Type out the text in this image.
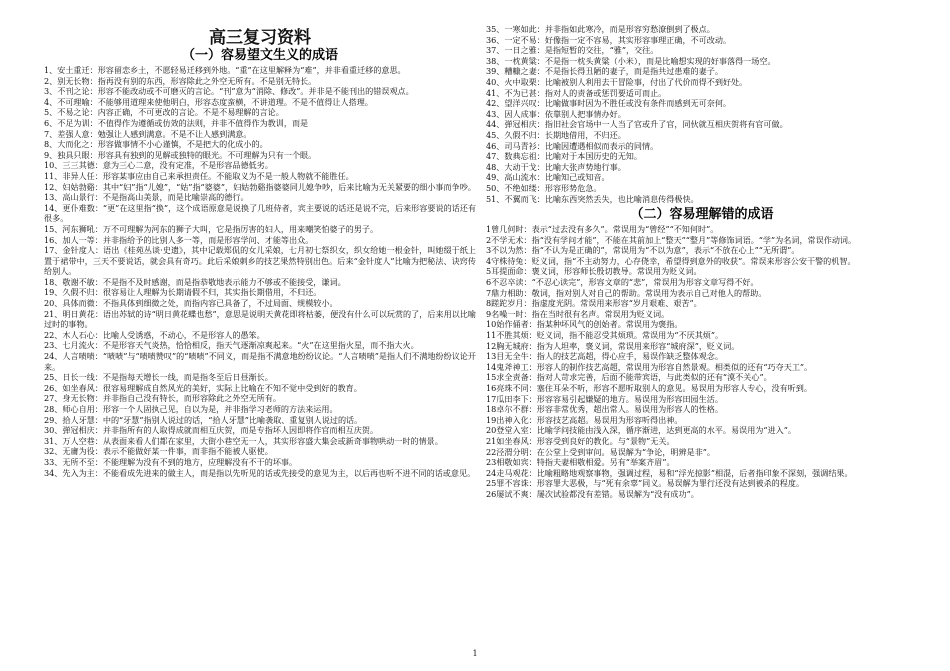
高三复习资料
（一）容易望文生义的成语
1、安土重迁：形容留恋乡土，不愿轻易迁移到外地。“重”在这里解释为“难”，并非看重迁移的意思。
2、别无长物：指再没有别的东西，形容除此之外空无所有。不是别无特长。
3、不刊之论：形容不能改动或不可磨灭的言论。“刊”意为“消除、修改”。并非是不能刊出的错误观点。
4、不可理喻：不能够用道理来使他明白，形容态度蛮横，不讲道理。不是不值得让人搭理。
5、不易之论：内容正确，不可更改的言论。不是不易理解的言论。
6、不足为训：不值得作为遵循或仿效的法则，并非不值得作为教训，而是
7、差强人意：勉强让人感到满意。不是不让人感到满意。
8、大而化之：形容做事情不小心谨慎，不是把大的化成小的。
9、独具只眼：形容具有独到的见解或独特的眼光。不可理解为只有一个眼。
10、三三其德：意为三心二意，没有定准，不是形容品德低劣。
11、非异人任：形容某事应由自己来承担责任。不能取义为不是一般人物就不能胜任。
12、妇姑勃谿：其中“妇”指“儿媳”，“姑”指“婆婆”，妇姑勃谿指婆婆同儿媳争吵，后来比喻为无关紧要的细小事而争吵。
13、高山景行：不是指高山美景，而是比喻崇高的德行。
14、更仆难数：“更”在这里指“换”，这个成语原意是说换了几班侍者，宾主要说的话还是说不完，后来形容要说的话还有很多。
15、河东狮吼：万不可理解为河东的狮子大叫，它是指厉害的妇人，用来嘲笑怕婆子的男子。
16、加人一等：并非指给予的比别人多一等，而是形容学问、才能等出众。
17、金针度人：语出《桂苑丛谈·史遗》，其中记载郑侃的女儿采娘，七月初七祭织女，织女给她一根金针，叫她缀于纸上置于裙带中，三天不要说话，就会具有奇巧。此后采娘刺乡的技艺果然特别出色。后来“金针度人”比喻为把秘法、诀窍传给别人。
18、敬谢不敏：不是指不及时感谢，而是指恭敬地表示能力不够或不能接受，谦词。
19、久假不归：很容易让人理解为长期请假不归，其实指长期借用，不归还。
20、具体而微：不指具体到细微之处，而指内容已具备了，不过局面、规模较小。
21、明日黄花：语出苏轼的诗“明日黄花蝶也愁”，意思是说明天黄花即将枯萎，便没有什么可以玩赏的了，后来用以比喻过时的事物。
22、木人石心：比喻人受诱惑，不动心，不是形容人的愚笨。
23、七月流火：不是形容天气炎热，恰恰相反，指天气逐渐凉爽起来。“火”在这里指火星，而不指大火。
24、人言啧啧：“啧啧”与“啧啧赞叹”的“啧啧”不同义，而是指不满意地纷纷议论。“人言啧啧”是指人们不满地纷纷议论开来。
25、日长一线：不是指每天增长一线，而是指冬至后日昼渐长。
26、如坐春风：很容易理解成自然风光的美好，实际上比喻在不知不觉中受到好的教育。
27、身无长物：并非指自己没有特长，而形容除此之外空无所有。
28、师心自用：形容一个人固执己见，自以为是，并非指学习老师的方法来运用。
29、拾人牙慧：中的“牙慧”指别人说过的话，“拾人牙慧”比喻袭取、重复别人说过的话。
30、弹冠相庆：并非指所有的人取得成就而相互庆贺，而是专指坏人因即将作官而相互庆贺。
31、万人空巷：从表面来看人们都在家里，大街小巷空无一人，其实形容盛大集会或新奇事物哄动一时的情景。
32、无庸为役：表示不能做好某一件事，而非指不能被人驱使。
33、无所不至：不能理解为没有不到的地方，应理解没有不干的坏事。
34、先入为主：不能看成先进来的做主人，而是指以先听见的话或先接受的意见为主，以后再也听不进不同的话或意见。
35、一寒如此：并非指如此寒冷，而是形容穷愁潦倒到了极点。
36、一定不易：好像指一定不容易，其实形容事理正确，不可改动。
37、一日之雅：是指短暂的交往，“雅”，交往。
38、一枕黄粱：不是指一枕头黄粱（小米），而是比喻想实现的好事落得一场空。
39、糟糠之妻：不是指长得丑陋的妻子，而是指共过患难的妻子。
40、火中取栗：比喻被别人利用去干冒险事，付出了代价而得不到好处。
41、不为已甚：指对人的责备或惩罚要适可而止。
42、望洋兴叹：比喻做事时因为不胜任或没有条件而感到无可奈何。
43、因人成事：依靠别人把事情办好。
44、弹冠相庆：指旧社会官场中一人当了官或升了官，同伙就互相庆贺将有官可做。
45、久假不归：长期地借用，不归还。
46、司马青衫：比喻因遭遇相似而表示的同情。
47、数典忘祖：比喻对于本国历史的无知。
48、大动干戈：比喻大张声势地行事。
49、高山流水：比喻知己或知音。
50、不绝如缕：形容形势危急。
51、不翼而飞：比喻东西突然丢失，也比喻消息传得极快。
（二）容易理解错的成语
1曾几何时：表示“过去没有多久”。常误用为“曾经”“不知何时”。
2不学无术：指“没有学问才能”，不能在其前加上“整天”“整月”等修饰词语。“学”为名词，常误作动词。
3不以为然：指“不认为是正确的”，常误用为“不以为意”，表示“不放在心上”“无所谓”。
4守株待兔：贬义词，指“不主动努力，心存侥幸，希望得到意外的收获”。常误来形容公安干警的机智。
5耳提面命：褒义词，形容师长殷切教导。常误用为贬义词。
6不忍卒读：“不忍心读完”，形容文章的“悲”，常误用为形容文章写得不好。
7鼎力相助：敬词，指对别人对自己的帮助。常误用为表示自己对他人的帮助。
8蹉跎岁月：指虚度光阴。常误用来形容“岁月艰难、艰苦”。
9名噪一时：指在当时很有名声。常误用为贬义词。
10始作俑者：指某种坏风气的创始者。常误用为褒指。
11不胜其烦：贬义词，指不能忍受其烦琐。常误用为“不厌其烦”。
12胸无城府：指为人坦率，褒义词，常误用来形容“城府深”，贬义词。
13目无全牛：指人的技艺高超，得心应手，易误作缺乏整体观念。
14鬼斧神工：形容人的制作技艺高超，常误用为形容自然景观。相类似的还有“巧夺天工”。
15求全责备：指对人苛求完善，后面不能带宾语，与此类似的还有“漠不关心”。
16亮珠不同：塞住耳朵不听，形容不愿听取别人的意见。易误用为形容人专心，没有听到。
17瓜田李下：形容容易引起嫌疑的地方。易误用为形容田园生活。
18卓尔不群：形容非常优秀，超出常人。易误用为形容人的性格。
19出神入化：形容技艺高超。易误用为形容听得出神。
20登堂入室：比喻学问技能由浅入深，循序渐进，达到更高的水平。易误用为“进入”。
21如坐春风：形容受到良好的教化。与“景物”无关。
22泾渭分明：在公堂上受到审问。易误解为“争论，明辨是非”。
23相敬如宾：特指夫妻相敬相爱。另有“举案齐眉”。
24走马观花：比喻粗略地观察事物，强调过程，易和“浮光掠影”相混，后者指印象不深刻，强调结果。
25罪不容诛：形容罪大恶极，与“死有余辜”同义。易误解为罪行还没有达到被杀的程度。
26屡试不爽：屡次试验都没有差错。易误解为“没有成功”。
1
